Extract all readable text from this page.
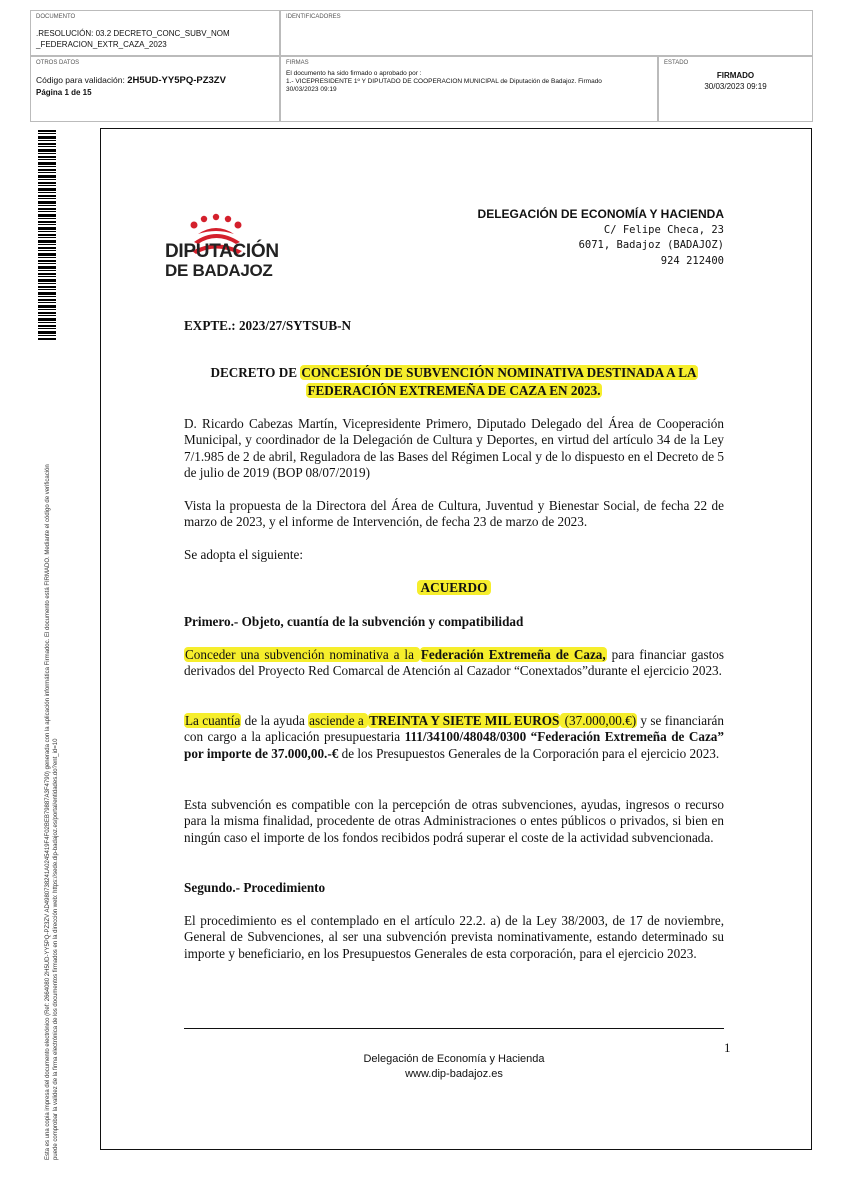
DOCUMENTO
.RESOLUCIÓN: 03.2 DECRETO_CONC_SUBV_NOM
_FEDERACION_EXTR_CAZA_2023
IDENTIFICADORES
OTROS DATOS
Código para validación: 2H5UD-YY5PQ-PZ3ZV
Página 1 de 15
FIRMAS
El documento ha sido firmado o aprobado por :
1.- VICEPRESIDENTE 1º Y DIPUTADO DE COOPERACION MUNICIPAL de Diputación de Badajoz. Firmado
30/03/2023 09:19
ESTADO
FIRMADO
30/03/2023 09:19
Esta es una copia impresa del documento electrónico (Ref: 2664080 2H5UD-YY5PQ-PZ3ZV AD4980738241A0245419F4F02BEB79887A3F4790) generada con la aplicación informática Firmadoc. El documento está FIRMADO. Mediante el código de verificación puede comprobar la validez de la firma electrónica de los documentos firmados en la dirección web: https://sede.dip-badajoz.es/portal/entidades.do?ent_id=10
DIPUTACIÓN
DE BADAJOZ
DELEGACIÓN DE ECONOMÍA Y HACIENDA
C/ Felipe Checa, 23
6071, Badajoz (BADAJOZ)
924 212400
EXPTE.: 2023/27/SYTSUB-N
DECRETO DE CONCESIÓN DE SUBVENCIÓN NOMINATIVA DESTINADA A LA
FEDERACIÓN EXTREMEÑA DE CAZA EN 2023.
D. Ricardo Cabezas Martín, Vicepresidente Primero, Diputado Delegado del Área de Cooperación Municipal, y coordinador de la Delegación de Cultura y Deportes, en virtud del artículo 34 de la Ley 7/1.985 de 2 de abril, Reguladora de las Bases del Régimen Local y de lo dispuesto en el Decreto de 5 de julio de 2019 (BOP 08/07/2019)
Vista la propuesta de la Directora del Área de Cultura, Juventud y Bienestar Social, de fecha 22 de marzo de 2023, y el informe de Intervención, de fecha 23 de marzo de 2023.
Se adopta el siguiente:
ACUERDO
Primero.- Objeto, cuantía de la subvención y compatibilidad
Conceder una subvención nominativa a la Federación Extremeña de Caza, para financiar gastos derivados del Proyecto Red Comarcal de Atención al Cazador “Conextados”durante el ejercicio 2023.
La cuantía de la ayuda asciende a TREINTA Y SIETE MIL EUROS (37.000,00.€) y se financiarán con cargo a la aplicación presupuestaria 111/34100/48048/0300 “Federación Extremeña de Caza” por importe de 37.000,00.-€ de los Presupuestos Generales de la Corporación para el ejercicio 2023.
Esta subvención es compatible con la percepción de otras subvenciones, ayudas, ingresos o recurso para la misma finalidad, procedente de otras Administraciones o entes públicos o privados, si bien en ningún caso el importe de los fondos recibidos podrá superar el coste de la actividad subvencionada.
Segundo.- Procedimiento
El procedimiento es el contemplado en el artículo 22.2. a) de la Ley 38/2003, de 17 de noviembre, General de Subvenciones, al ser una subvención prevista nominativamente, estando determinado su importe y beneficiario, en los Presupuestos Generales de esta corporación, para el ejercicio 2023.
1
Delegación de Economía y Hacienda
www.dip-badajoz.es
